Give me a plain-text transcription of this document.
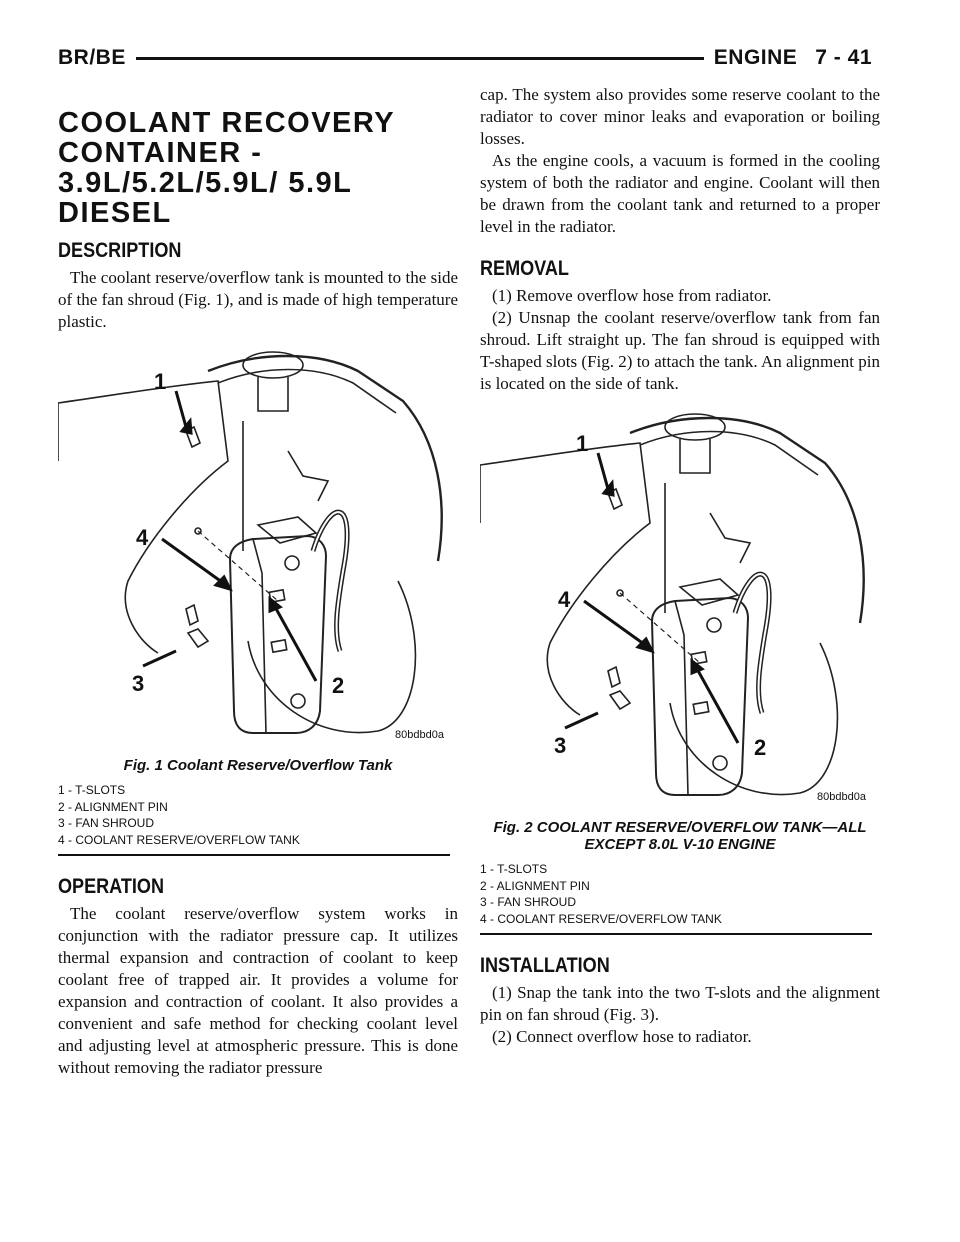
BR/BE	ENGINE 7 - 41
COOLANT RECOVERY CONTAINER - 3.9L/5.2L/5.9L/ 5.9L DIESEL
DESCRIPTION

The coolant reserve/overflow tank is mounted to the side of the fan shroud (Fig. 1), and is made of high temperature plastic.

1
2
3
4
80bdbd0a
Fig. 1 Coolant Reserve/Overflow Tank
1 - T-SLOTS
2 - ALIGNMENT PIN
3 - FAN SHROUD
4 - COOLANT RESERVE/OVERFLOW TANK
OPERATION

The coolant reserve/overflow system works in conjunction with the radiator pressure cap. It utilizes thermal expansion and contraction of coolant to keep coolant free of trapped air. It provides a volume for expansion and contraction of coolant. It also provides a convenient and safe method for checking coolant level and adjusting level at atmospheric pressure. This is done without removing the radiator pressure

cap. The system also provides some reserve coolant to the radiator to cover minor leaks and evaporation or boiling losses.

As the engine cools, a vacuum is formed in the cooling system of both the radiator and engine. Coolant will then be drawn from the coolant tank and returned to a proper level in the radiator.

REMOVAL

(1) Remove overflow hose from radiator.

(2) Unsnap the coolant reserve/overflow tank from fan shroud. Lift straight up. The fan shroud is equipped with T-shaped slots (Fig. 2) to attach the tank. An alignment pin is located on the side of tank.

1
2
3
4
80bdbd0a
Fig. 2 COOLANT RESERVE/OVERFLOW TANK—ALL EXCEPT 8.0L V-10 ENGINE
1 - T-SLOTS
2 - ALIGNMENT PIN
3 - FAN SHROUD
4 - COOLANT RESERVE/OVERFLOW TANK
INSTALLATION

(1) Snap the tank into the two T-slots and the alignment pin on fan shroud (Fig. 3).

(2) Connect overflow hose to radiator.
